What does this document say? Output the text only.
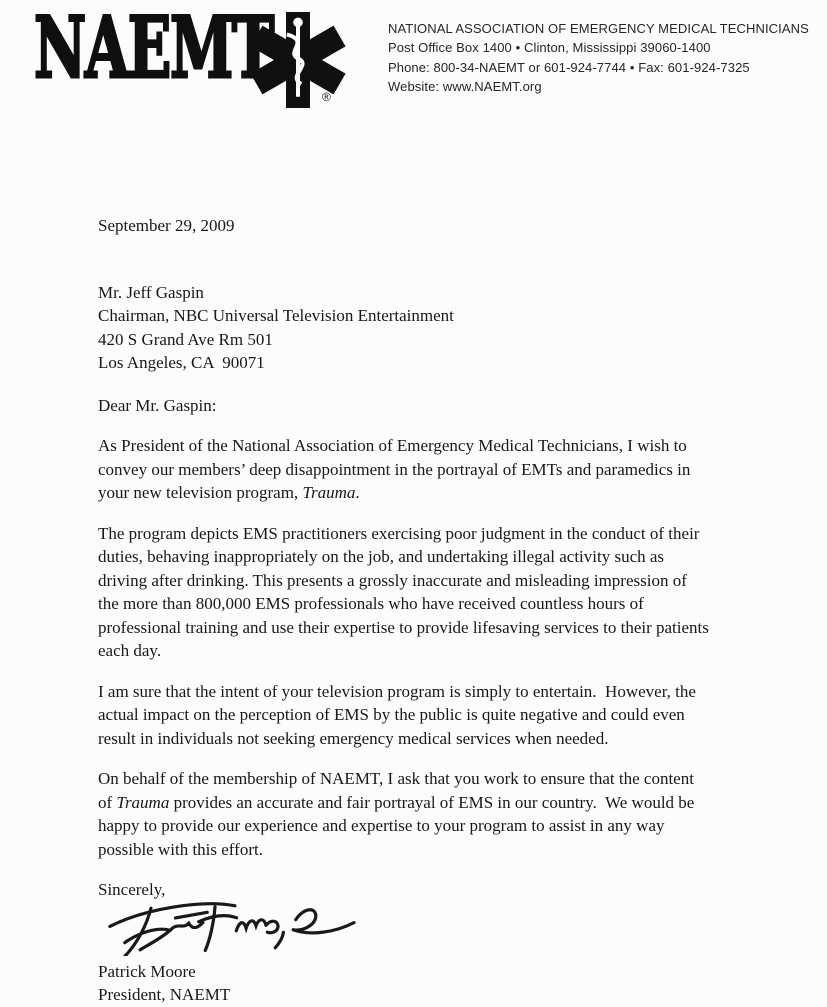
NAEMT	®
NATIONAL ASSOCIATION OF EMERGENCY MEDICAL TECHNICIANS
Post Office Box 1400 • Clinton, Mississippi 39060-1400
Phone: 800-34-NAEMT or 601-924-7744 • Fax: 601-924-7325
Website: www.NAEMT.org
September 29, 2009
Mr. Jeff Gaspin
Chairman, NBC Universal Television Entertainment
420 S Grand Ave Rm 501
Los Angeles, CA  90071
Dear Mr. Gaspin:
As President of the National Association of Emergency Medical Technicians, I wish to
convey our members’ deep disappointment in the portrayal of EMTs and paramedics in
your new television program, Trauma.
The program depicts EMS practitioners exercising poor judgment in the conduct of their
duties, behaving inappropriately on the job, and undertaking illegal activity such as
driving after drinking. This presents a grossly inaccurate and misleading impression of
the more than 800,000 EMS professionals who have received countless hours of
professional training and use their expertise to provide lifesaving services to their patients
each day.
I am sure that the intent of your television program is simply to entertain.  However, the
actual impact on the perception of EMS by the public is quite negative and could even
result in individuals not seeking emergency medical services when needed.
On behalf of the membership of NAEMT, I ask that you work to ensure that the content
of Trauma provides an accurate and fair portrayal of EMS in our country.  We would be
happy to provide our experience and expertise to your program to assist in any way
possible with this effort.
Sincerely,
Patrick Moore
President, NAEMT
